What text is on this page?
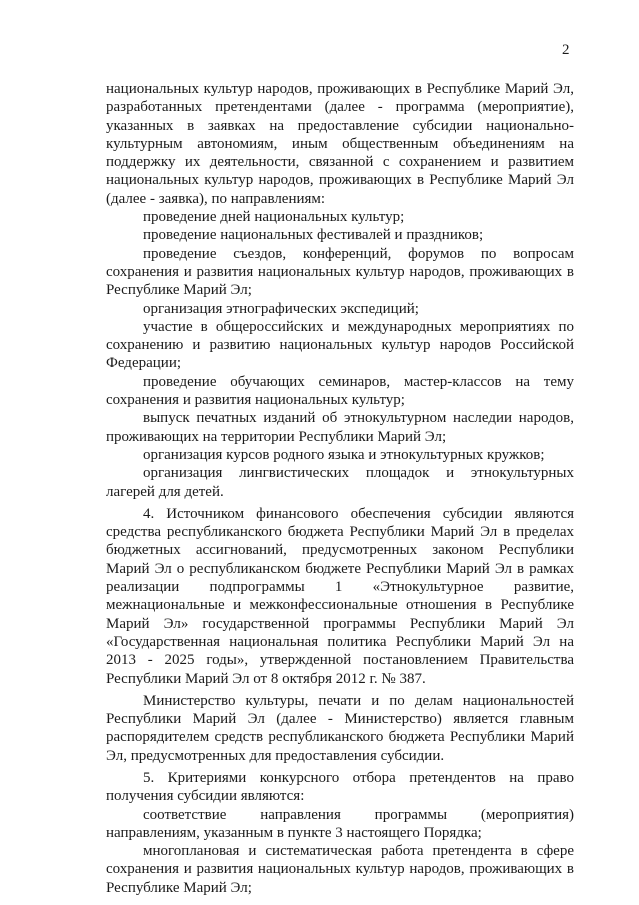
2

национальных культур народов, проживающих в Республике Марий Эл, разработанных претендентами (далее - программа (мероприятие), указанных в заявках на предоставление субсидии национально-культурным автономиям, иным общественным объединениям на поддержку их деятельности, связанной с сохранением и развитием национальных культур народов, проживающих в Республике Марий Эл (далее - заявка), по направлениям:

проведение дней национальных культур;

проведение национальных фестивалей и праздников;

проведение съездов, конференций, форумов по вопросам сохранения и развития национальных культур народов, проживающих в Республике Марий Эл;

организация этнографических экспедиций;

участие в общероссийских и международных мероприятиях по сохранению и развитию национальных культур народов Российской Федерации;

проведение обучающих семинаров, мастер-классов на тему сохранения и развития национальных культур;

выпуск печатных изданий об этнокультурном наследии народов, проживающих на территории Республики Марий Эл;

организация курсов родного языка и этнокультурных кружков;

организация лингвистических площадок и этнокультурных лагерей для детей.

4. Источником финансового обеспечения субсидии являются средства республиканского бюджета Республики Марий Эл в пределах бюджетных ассигнований, предусмотренных законом Республики Марий Эл о республиканском бюджете Республики Марий Эл в рамках реализации подпрограммы 1 «Этнокультурное развитие, межнациональные и межконфессиональные отношения в Республике Марий Эл» государственной программы Республики Марий Эл «Государственная национальная политика Республики Марий Эл на 2013 - 2025 годы», утвержденной постановлением Правительства Республики Марий Эл от 8 октября 2012 г. № 387.

Министерство культуры, печати и по делам национальностей Республики Марий Эл (далее - Министерство) является главным распорядителем средств республиканского бюджета Республики Марий Эл, предусмотренных для предоставления субсидии.

5. Критериями конкурсного отбора претендентов на право получения субсидии являются:

соответствие направления программы (мероприятия) направлениям, указанным в пункте 3 настоящего Порядка;

многоплановая и систематическая работа претендента в сфере сохранения и развития национальных культур народов, проживающих в Республике Марий Эл;
